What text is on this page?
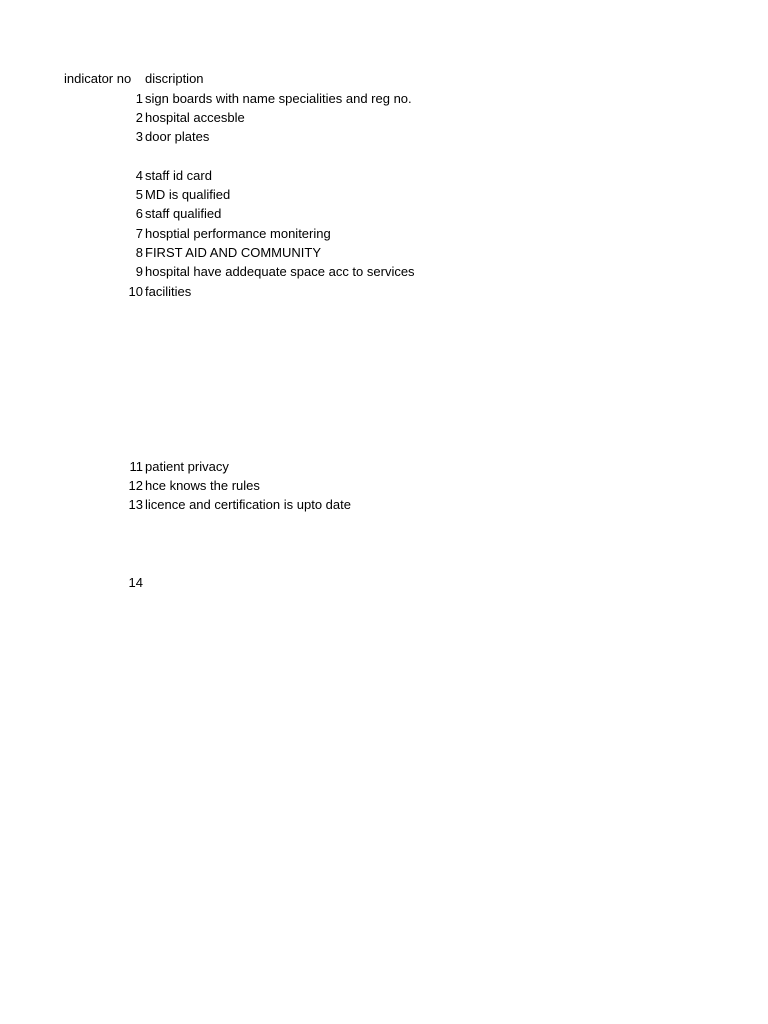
indicator no discription
1 sign boards with name specialities and reg no.
2 hospital accesble
3 door plates
4 staff id card
5 MD is qualified
6 staff qualified
7 hosptial performance monitering
8 FIRST AID AND COMMUNITY
9 hospital have addequate space acc to services
10 facilities
11 patient privacy
12 hce knows the rules
13 licence and certification is upto date
14
